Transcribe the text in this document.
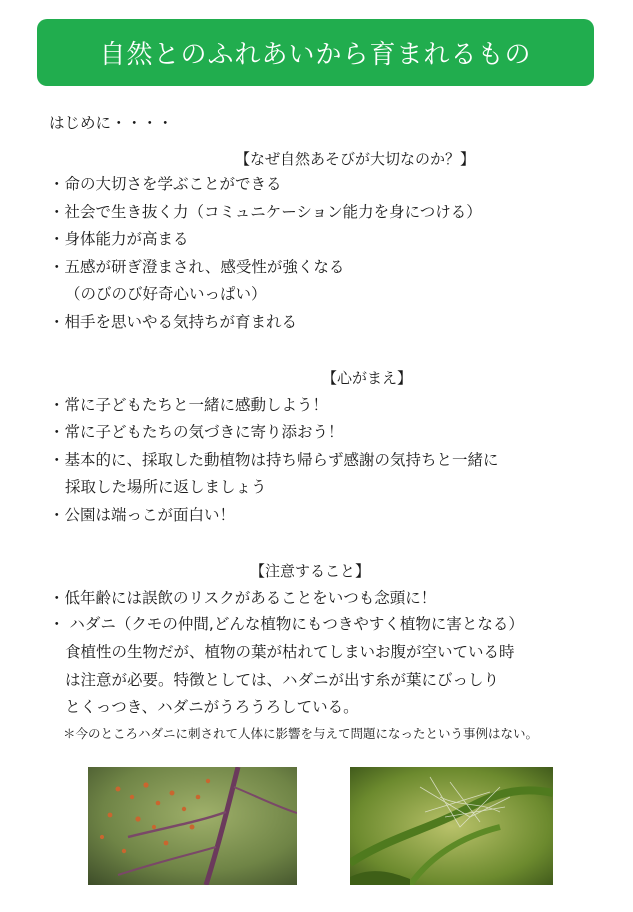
自然とのふれあいから育まれるもの
はじめに・・・・
【なぜ自然あそびが大切なのか？】
・命の大切さを学ぶことができる
・社会で生き抜く力（コミュニケーション能力を身につける）
・身体能力が高まる
・五感が研ぎ澄まされ、感受性が強くなる
（のびのび好奇心いっぱい）
・相手を思いやる気持ちが育まれる
【心がまえ】
・常に子どもたちと一緒に感動しよう！
・常に子どもたちの気づきに寄り添おう！
・基本的に、採取した動植物は持ち帰らず感謝の気持ちと一緒に
採取した場所に返しましょう
・公園は端っこが面白い！
【注意すること】
・低年齢には誤飲のリスクがあることをいつも念頭に！
・ ハダニ（クモの仲間,どんな植物にもつきやすく植物に害となる）
食植性の生物だが、植物の葉が枯れてしまいお腹が空いている時
は注意が必要。特徴としては、ハダニが出す糸が葉にびっしり
とくっつき、ハダニがうろうろしている。
＊今のところハダニに刺されて人体に影響を与えて問題になったという事例はない。
